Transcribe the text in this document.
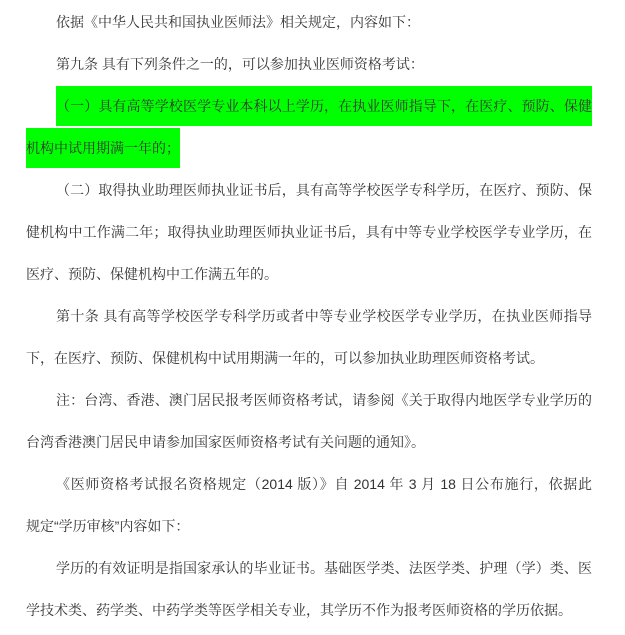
依据《中华人民共和国执业医师法》相关规定，内容如下：
第九条 具有下列条件之一的，可以参加执业医师资格考试：
（一）具有高等学校医学专业本科以上学历，在执业医师指导下，在医疗、预防、保健
机构中试用期满一年的；
（二）取得执业助理医师执业证书后，具有高等学校医学专科学历，在医疗、预防、保
健机构中工作满二年；取得执业助理医师执业证书后，具有中等专业学校医学专业学历，在
医疗、预防、保健机构中工作满五年的。
第十条 具有高等学校医学专科学历或者中等专业学校医学专业学历，在执业医师指导
下，在医疗、预防、保健机构中试用期满一年的，可以参加执业助理医师资格考试。
注：台湾、香港、澳门居民报考医师资格考试，请参阅《关于取得内地医学专业学历的
台湾香港澳门居民申请参加国家医师资格考试有关问题的通知》。
《医师资格考试报名资格规定（2014 版）》自 2014 年 3 月 18 日公布施行，依据此
规定“学历审核”内容如下：
学历的有效证明是指国家承认的毕业证书。基础医学类、法医学类、护理（学）类、医
学技术类、药学类、中药学类等医学相关专业，其学历不作为报考医师资格的学历依据。
